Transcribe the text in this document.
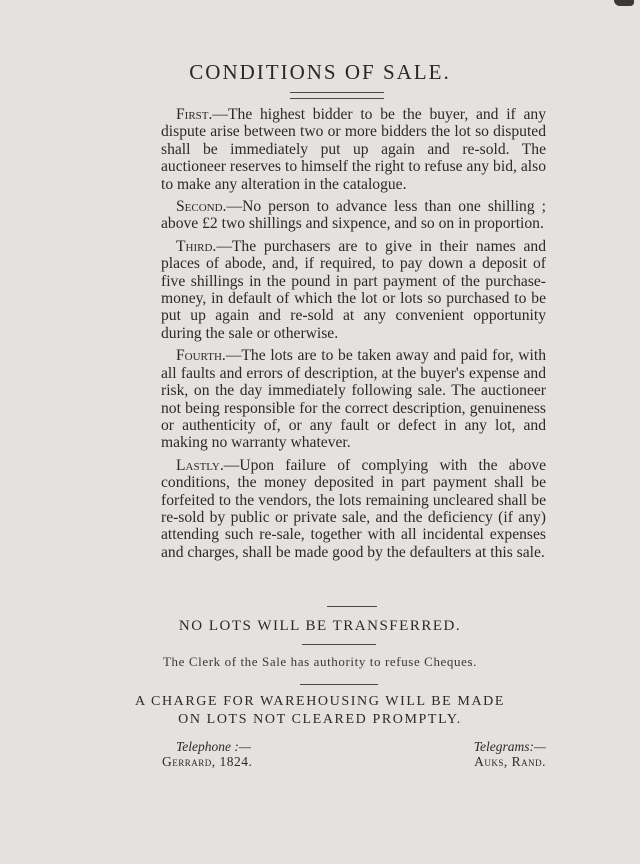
CONDITIONS OF SALE.

First.—The highest bidder to be the buyer, and if any dispute arise between two or more bidders the lot so disputed shall be immediately put up again and re-sold. The auctioneer reserves to himself the right to refuse any bid, also to make any alteration in the catalogue.

Second.—No person to advance less than one shilling ; above £2 two shillings and sixpence, and so on in proportion.

Third.—The purchasers are to give in their names and places of abode, and, if required, to pay down a deposit of five shillings in the pound in part payment of the purchase-money, in default of which the lot or lots so purchased to be put up again and re-sold at any convenient opportunity during the sale or otherwise.

Fourth.—The lots are to be taken away and paid for, with all faults and errors of description, at the buyer's expense and risk, on the day immediately following sale. The auctioneer not being responsible for the correct description, genuineness or authenticity of, or any fault or defect in any lot, and making no warranty whatever.

Lastly.—Upon failure of complying with the above conditions, the money deposited in part payment shall be forfeited to the vendors, the lots remaining uncleared shall be re-sold by public or private sale, and the deficiency (if any) attending such re-sale, together with all incidental expenses and charges, shall be made good by the defaulters at this sale.

NO LOTS WILL BE TRANSFERRED.
The Clerk of the Sale has authority to refuse Cheques.
A CHARGE FOR WAREHOUSING WILL BE MADE
ON LOTS NOT CLEARED PROMPTLY.
Telephone :—
Gerrard, 1824.
Telegrams:—
Auks, Rand.
